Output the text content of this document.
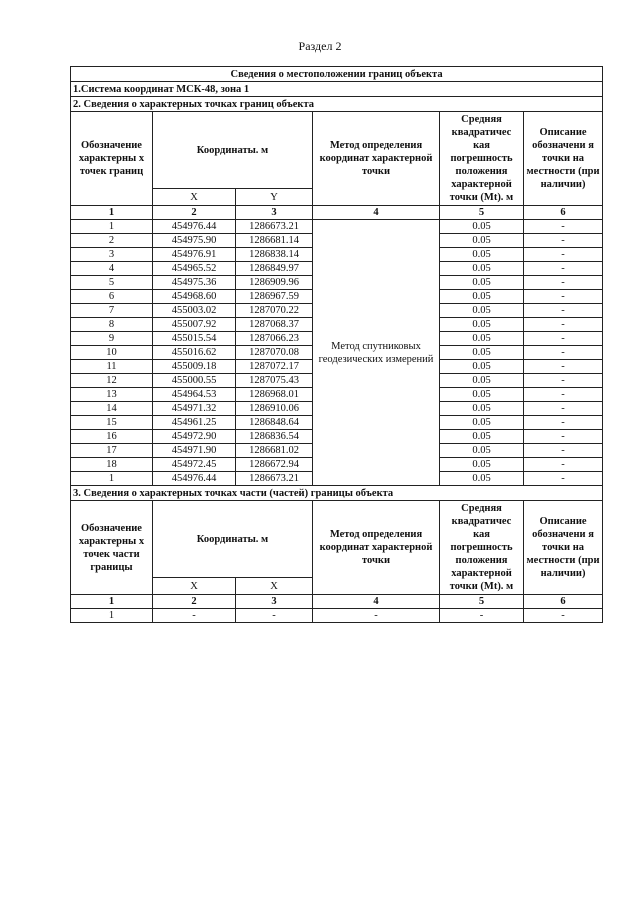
Раздел 2
Сведения о местоположении границ объекта					
1.Система координат МСК-48, зона 1					
2. Сведения о характерных точках границ объекта					
Обозначение характерны х точек границ	Координаты. м		Метод определения координат характерной точки	Средняя квадратичес кая погрешность положения характерной точки (Mt). м	Описание обозначени я точки на местности (при наличии)
	X	Y			
1	2	3	4	5	6
1	454976.44	1286673.21	Метод спутниковых геодезических измерений	0.05	-
2	454975.90	1286681.14		0.05	-
3	454976.91	1286838.14		0.05	-
4	454965.52	1286849.97		0.05	-
5	454975.36	1286909.96		0.05	-
6	454968.60	1286967.59		0.05	-
7	455003.02	1287070.22		0.05	-
8	455007.92	1287068.37		0.05	-
9	455015.54	1287066.23		0.05	-
10	455016.62	1287070.08		0.05	-
11	455009.18	1287072.17		0.05	-
12	455000.55	1287075.43		0.05	-
13	454964.53	1286968.01		0.05	-
14	454971.32	1286910.06		0.05	-
15	454961.25	1286848.64		0.05	-
16	454972.90	1286836.54		0.05	-
17	454971.90	1286681.02		0.05	-
18	454972.45	1286672.94		0.05	-
1	454976.44	1286673.21		0.05	-
3. Сведения о характерных точках части (частей) границы объекта					
Обозначение характерны х точек части границы	Координаты. м		Метод определения координат характерной точки	Средняя квадратичес кая погрешность положения характерной точки (Mt). м	Описание обозначени я точки на местности (при наличии)
	X	X			
1	2	3	4	5	6
1	-	-	-	-	-
